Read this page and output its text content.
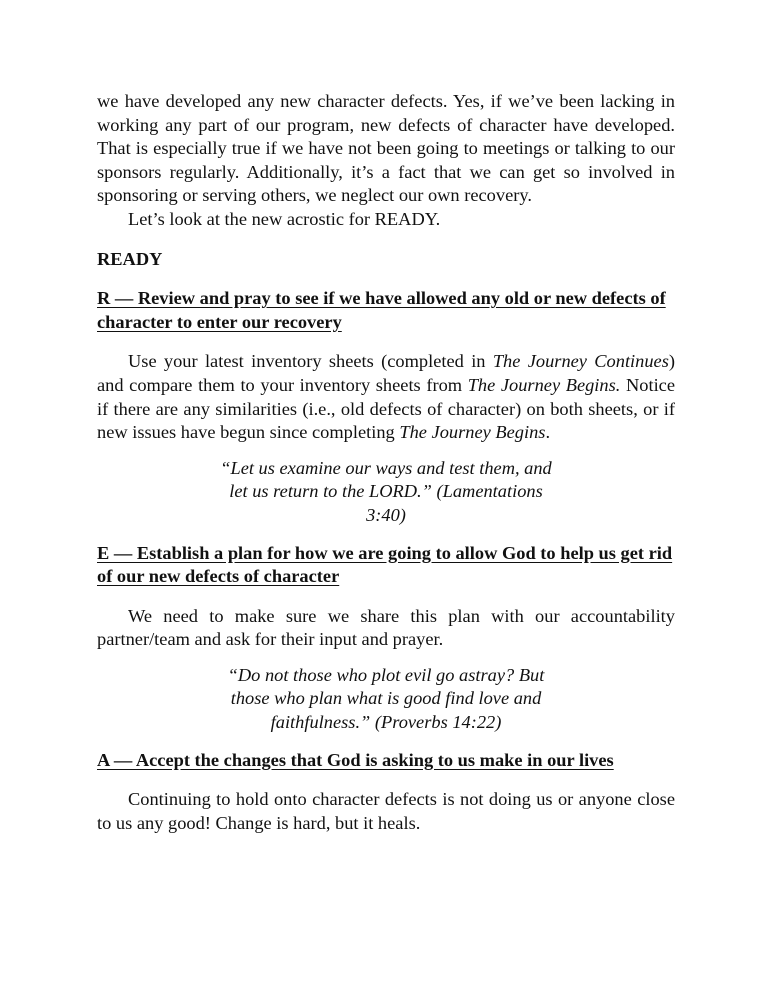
we have developed any new character defects. Yes, if we’ve been lacking in working any part of our program, new defects of character have developed. That is especially true if we have not been going to meetings or talking to our sponsors regularly. Additionally, it’s a fact that we can get so involved in sponsoring or serving others, we neglect our own recovery.

Let’s look at the new acrostic for READY.

READY

R — Review and pray to see if we have allowed any old or new defects of character to enter our recovery

Use your latest inventory sheets (completed in The Journey Continues) and compare them to your inventory sheets from The Journey Begins. Notice if there are any similarities (i.e., old defects of character) on both sheets, or if new issues have begun since completing The Journey Begins.

“Let us examine our ways and test them, and let us return to the LORD.” (Lamentations 3:40)

E — Establish a plan for how we are going to allow God to help us get rid of our new defects of character

We need to make sure we share this plan with our accountability partner/team and ask for their input and prayer.

“Do not those who plot evil go astray? But those who plan what is good find love and faithfulness.” (Proverbs 14:22)

A — Accept the changes that God is asking to us make in our lives

Continuing to hold onto character defects is not doing us or anyone close to us any good! Change is hard, but it heals.
